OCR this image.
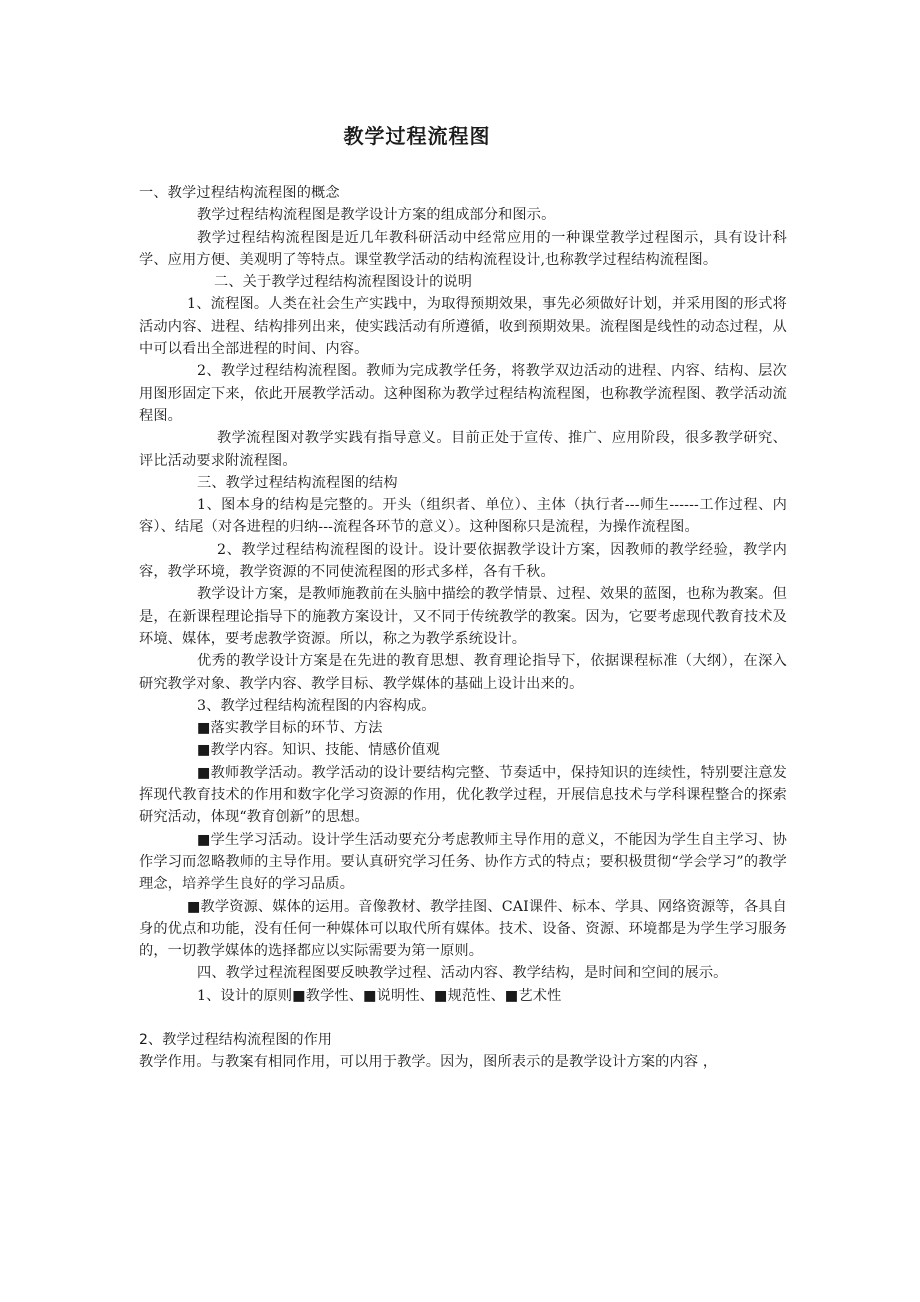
教学过程流程图

一、教学过程结构流程图的概念

教学过程结构流程图是教学设计方案的组成部分和图示。

教学过程结构流程图是近几年教科研活动中经常应用的一种课堂教学过程图示，具有设计科学、应用方便、美观明了等特点。课堂教学活动的结构流程设计,也称教学过程结构流程图。

二、关于教学过程结构流程图设计的说明

1、流程图。人类在社会生产实践中，为取得预期效果，事先必须做好计划，并采用图的形式将活动内容、进程、结构排列出来，使实践活动有所遵循，收到预期效果。流程图是线性的动态过程，从中可以看出全部进程的时间、内容。

2、教学过程结构流程图。教师为完成教学任务，将教学双边活动的进程、内容、结构、层次用图形固定下来，依此开展教学活动。这种图称为教学过程结构流程图，也称教学流程图、教学活动流程图。

教学流程图对教学实践有指导意义。目前正处于宣传、推广、应用阶段，很多教学研究、评比活动要求附流程图。

三、教学过程结构流程图的结构

1、图本身的结构是完整的。开头（组织者、单位）、主体（执行者---师生------工作过程、内容）、结尾（对各进程的归纳---流程各环节的意义）。这种图称只是流程，为操作流程图。

2、教学过程结构流程图的设计。设计要依据教学设计方案，因教师的教学经验，教学内容，教学环境，教学资源的不同使流程图的形式多样，各有千秋。

教学设计方案，是教师施教前在头脑中描绘的教学情景、过程、效果的蓝图，也称为教案。但是，在新课程理论指导下的施教方案设计，又不同于传统教学的教案。因为，它要考虑现代教育技术及环境、媒体，要考虑教学资源。所以，称之为教学系统设计。

优秀的教学设计方案是在先进的教育思想、教育理论指导下，依据课程标准（大纲），在深入研究教学对象、教学内容、教学目标、教学媒体的基础上设计出来的。

3、教学过程结构流程图的内容构成。

■落实教学目标的环节、方法

■教学内容。知识、技能、情感价值观

■教师教学活动。教学活动的设计要结构完整、节奏适中，保持知识的连续性，特别要注意发挥现代教育技术的作用和数字化学习资源的作用，优化教学过程，开展信息技术与学科课程整合的探索研究活动，体现“教育创新”的思想。

■学生学习活动。设计学生活动要充分考虑教师主导作用的意义，不能因为学生自主学习、协作学习而忽略教师的主导作用。要认真研究学习任务、协作方式的特点；要积极贯彻“学会学习”的教学理念，培养学生良好的学习品质。

■教学资源、媒体的运用。音像教材、教学挂图、CAI课件、标本、学具、网络资源等，各具自身的优点和功能，没有任何一种媒体可以取代所有媒体。技术、设备、资源、环境都是为学生学习服务的，一切教学媒体的选择都应以实际需要为第一原则。

四、教学过程流程图要反映教学过程、活动内容、教学结构，是时间和空间的展示。

1、设计的原则■教学性、■说明性、■规范性、■艺术性

2、教学过程结构流程图的作用

教学作用。与教案有相同作用，可以用于教学。因为，图所表示的是教学设计方案的内容 ，
